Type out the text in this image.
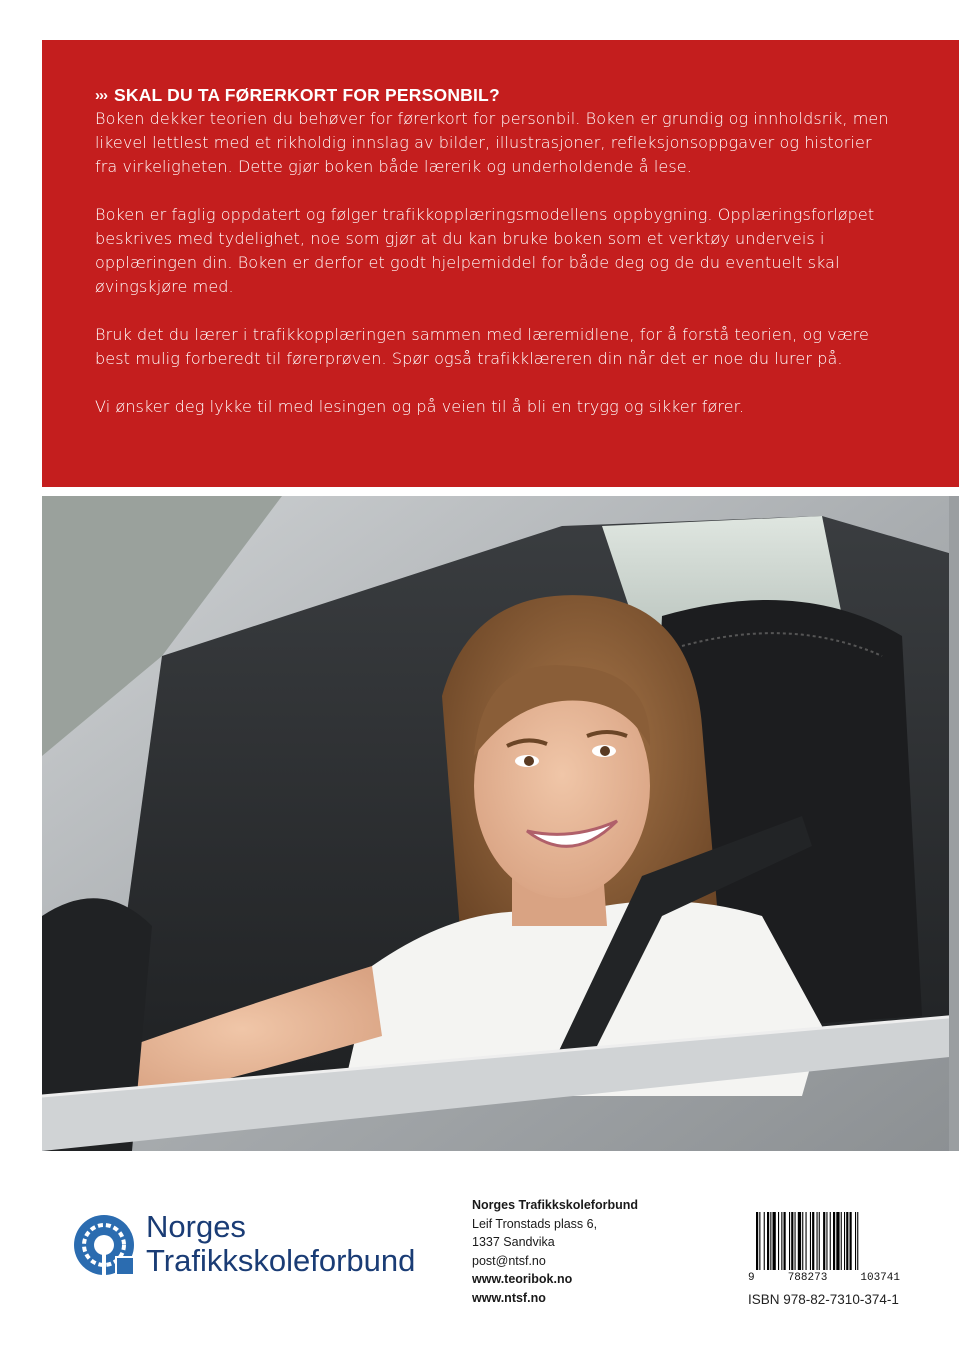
››› SKAL DU TA FØRERKORT FOR PERSONBIL?

Boken dekker teorien du behøver for førerkort for personbil. Boken er grundig og innholdsrik, men likevel lettlest med et rikholdig innslag av bilder, illustrasjoner, refleksjonsoppgaver og historier fra virkeligheten. Dette gjør boken både lærerik og underholdende å lese.

Boken er faglig oppdatert og følger trafikkopplæringsmodellens oppbygning. Opplæringsforløpet beskrives med tydelighet, noe som gjør at du kan bruke boken som et verktøy underveis i opplæringen din. Boken er derfor et godt hjelpemiddel for både deg og de du eventuelt skal øvingskjøre med.

Bruk det du lærer i trafikkopplæringen sammen med læremidlene, for å forstå teorien, og være best mulig forberedt til førerprøven. Spør også trafikklæreren din når det er noe du lurer på.

Vi ønsker deg lykke til med lesingen og på veien til å bli en trygg og sikker fører.

Norges
Trafikkskoleforbund
Norges Trafikkskoleforbund
Leif Tronstads plass 6,
1337 Sandvika
post@ntsf.no
www.teoribok.no
www.ntsf.no
9	788273	103741
ISBN 978-82-7310-374-1
